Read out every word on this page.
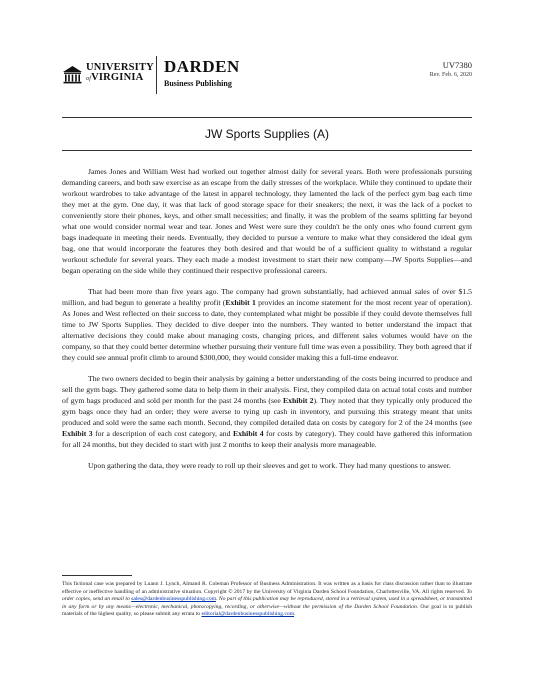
UNIVERSITY
ofVIRGINIA
DARDEN
Business Publishing
UV7380
Rev. Feb. 6, 2020
JW Sports Supplies (A)

James Jones and William West had worked out together almost daily for several years. Both were professionals pursuing demanding careers, and both saw exercise as an escape from the daily stresses of the workplace. While they continued to update their workout wardrobes to take advantage of the latest in apparel technology, they lamented the lack of the perfect gym bag each time they met at the gym. One day, it was that lack of good storage space for their sneakers; the next, it was the lack of a pocket to conveniently store their phones, keys, and other small necessities; and finally, it was the problem of the seams splitting far beyond what one would consider normal wear and tear. Jones and West were sure they couldn't be the only ones who found current gym bags inadequate in meeting their needs. Eventually, they decided to pursue a venture to make what they considered the ideal gym bag, one that would incorporate the features they both desired and that would be of a sufficient quality to withstand a regular workout schedule for several years. They each made a modest investment to start their new company—JW Sports Supplies—and began operating on the side while they continued their respective professional careers.

That had been more than five years ago. The company had grown substantially, had achieved annual sales of over $1.5 million, and had begun to generate a healthy profit (Exhibit 1 provides an income statement for the most recent year of operation). As Jones and West reflected on their success to date, they contemplated what might be possible if they could devote themselves full time to JW Sports Supplies. They decided to dive deeper into the numbers. They wanted to better understand the impact that alternative decisions they could make about managing costs, changing prices, and different sales volumes would have on the company, so that they could better determine whether pursuing their venture full time was even a possibility. They both agreed that if they could see annual profit climb to around $300,000, they would consider making this a full-time endeavor.

The two owners decided to begin their analysis by gaining a better understanding of the costs being incurred to produce and sell the gym bags. They gathered some data to help them in their analysis. First, they compiled data on actual total costs and number of gym bags produced and sold per month for the past 24 months (see Exhibit 2). They noted that they typically only produced the gym bags once they had an order; they were averse to tying up cash in inventory, and pursuing this strategy meant that units produced and sold were the same each month. Second, they compiled detailed data on costs by category for 2 of the 24 months (see Exhibit 3 for a description of each cost category, and Exhibit 4 for costs by category). They could have gathered this information for all 24 months, but they decided to start with just 2 months to keep their analysis more manageable.

Upon gathering the data, they were ready to roll up their sleeves and get to work. They had many questions to answer.

This fictional case was prepared by Luann J. Lynch, Almand R. Coleman Professor of Business Administration. It was written as a basis for class discussion rather than to illustrate effective or ineffective handling of an administrative situation. Copyright © 2017 by the University of Virginia Darden School Foundation, Charlottesville, VA. All rights reserved. To order copies, send an email to sales@dardenbusinesspublishing.com. No part of this publication may be reproduced, stored in a retrieval system, used in a spreadsheet, or transmitted in any form or by any means—electronic, mechanical, photocopying, recording, or otherwise—without the permission of the Darden School Foundation. Our goal is to publish materials of the highest quality, so please submit any errata to editorial@dardenbusinesspublishing.com.
